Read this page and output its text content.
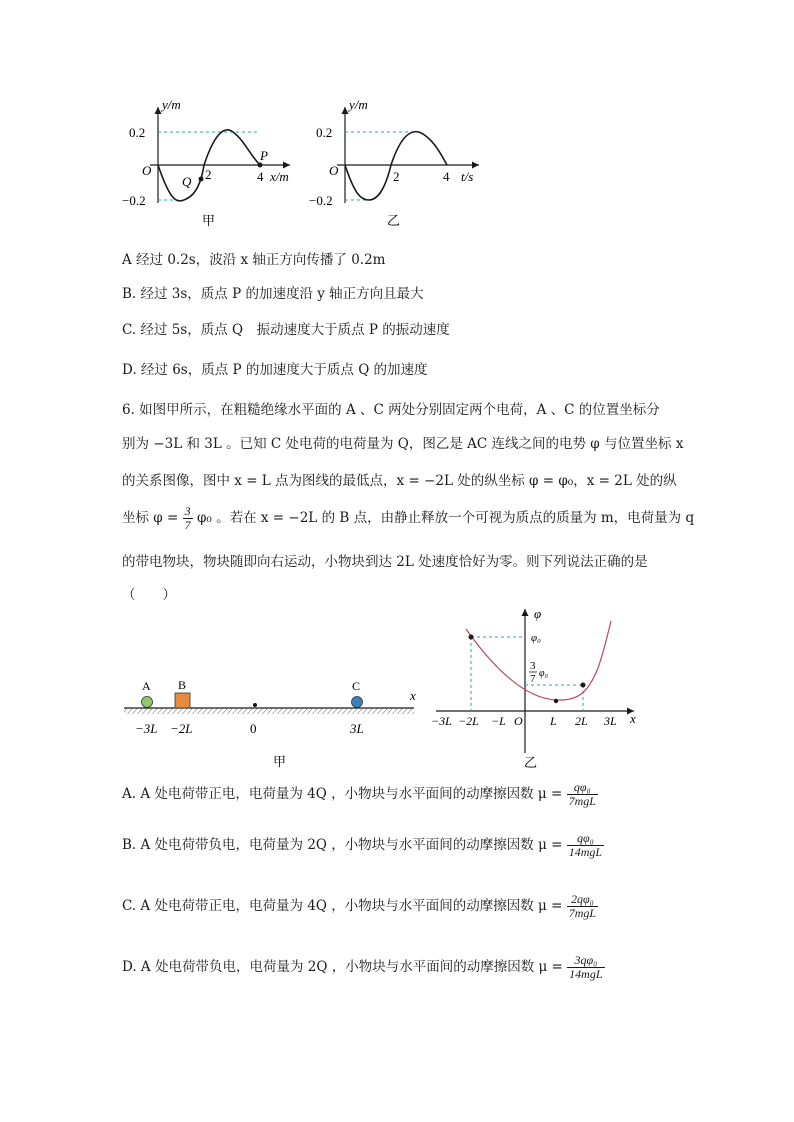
y/m
0.2
O
−0.2
Q 2	4
P
x/m
甲
y/m
0.2
O
−0.2
2	4 t/s
乙
A 经过 0.2s，波沿 x 轴正方向传播了 0.2m
B. 经过 3s，质点 P 的加速度沿 y 轴正方向且最大
C. 经过 5s，质点 Q　振动速度大于质点 P 的振动速度
D. 经过 6s，质点 P 的加速度大于质点 Q 的加速度
6. 如图甲所示，在粗糙绝缘水平面的 A 、C 两处分别固定两个电荷，A 、C 的位置坐标分
别为 −3L 和 3L 。已知 C 处电荷的电荷量为 Q，图乙是 AC 连线之间的电势 φ 与位置坐标 x
的关系图像，图中 x = L 点为图线的最低点，x = −2L 处的纵坐标 φ = φ₀，x = 2L 处的纵
坐标 $\varphi = \frac{3}{7} \varphi_0$ 。若在 x = −2L 的 B 点，由静止释放一个可视为质点的质量为 m，电荷量为 q
的带电物块，物块随即向右运动，小物块到达 2L 处速度恰好为零。则下列说法正确的是
（　　）
A B	C
x
−3L −2L	0	3L
甲
φ
φ₀
3
7 φ₀
O	x
−3L −2L −L	L 2L 3L
乙
A. A 处电荷带正电，电荷量为 4Q ，小物块与水平面间的动摩擦因数 $\mu = \frac{\text{qφ₀}}{\text{7mgL}}$
B. A 处电荷带负电，电荷量为 2Q ，小物块与水平面间的动摩擦因数 $\mu = \frac{\text{qφ₀}}{\text{14mgL}}$
C. A 处电荷带正电，电荷量为 4Q ，小物块与水平面间的动摩擦因数 $\mu = \frac{\text{2qφ₀}}{\text{7mgL}}$
D. A 处电荷带负电，电荷量为 2Q ，小物块与水平面间的动摩擦因数 $\mu = \frac{\text{3qφ₀}}{\text{14mgL}}$
